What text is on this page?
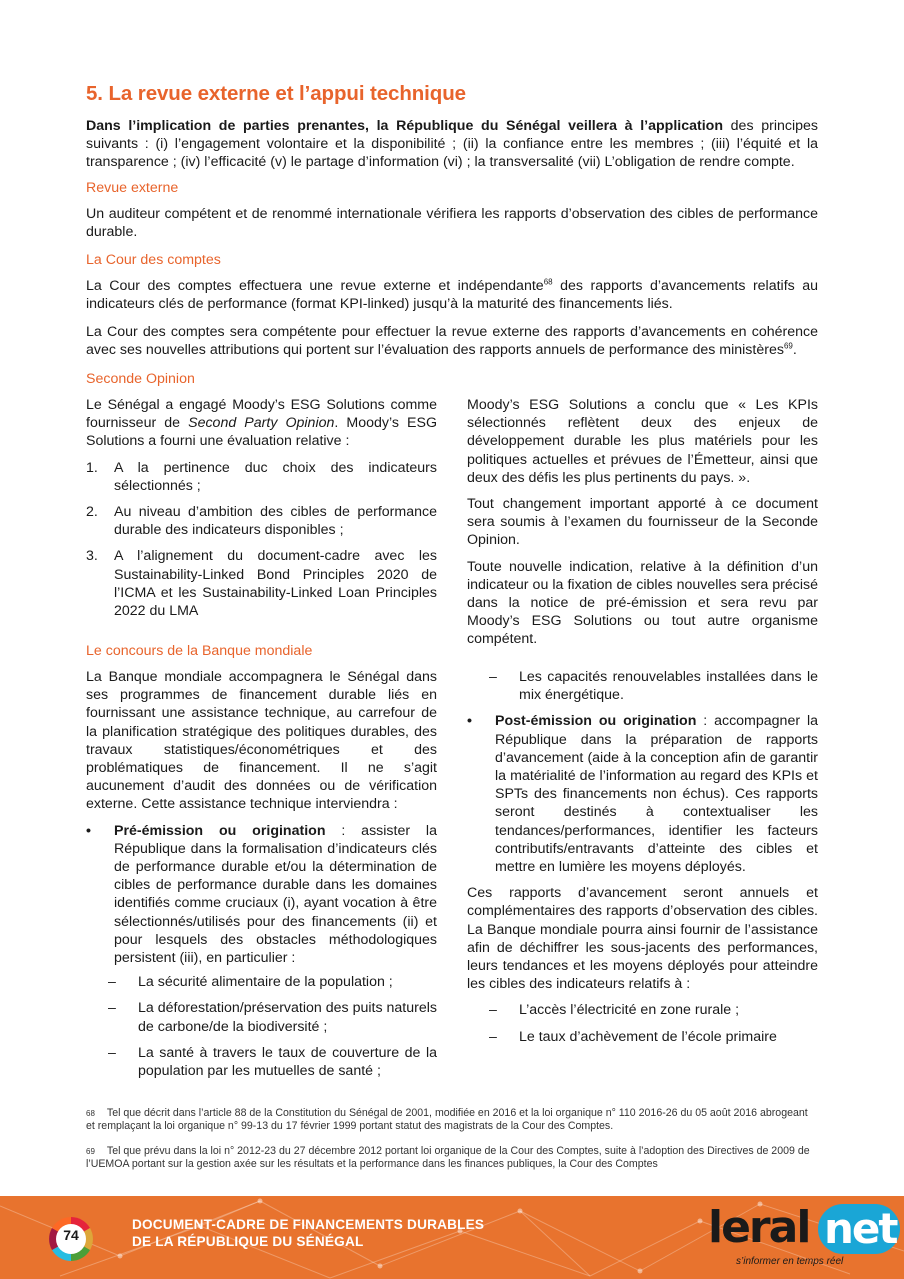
5. La revue externe et l’appui technique

Dans l’implication de parties prenantes, la République du Sénégal veillera à l’application des principes suivants : (i) l’engagement volontaire et la disponibilité ; (ii) la confiance entre les membres ; (iii) l’équité et la transparence ; (iv) l’efficacité (v) le partage d’information (vi) ; la transversalité (vii) L’obligation de rendre compte.

Revue externe

Un auditeur compétent et de renommé internationale vérifiera les rapports d’observation des cibles de performance durable.

La Cour des comptes

La Cour des comptes effectuera une revue externe et indépendante$^{68}$ des rapports d’avancements relatifs au indicateurs clés de performance (format KPI-linked) jusqu’à la maturité des financements liés.

La Cour des comptes sera compétente pour effectuer la revue externe des rapports d’avancements en cohérence avec ses nouvelles attributions qui portent sur l’évaluation des rapports annuels de performance des ministères$^{69}$.

Seconde Opinion

Le Sénégal a engagé Moody’s ESG Solutions comme fournisseur de Second Party Opinion. Moody’s ESG Solutions a fourni une évaluation relative :

1. A la pertinence duc choix des indicateurs sélectionnés ;
2. Au niveau d’ambition des cibles de performance durable des indicateurs disponibles ;
3. A l’alignement du document-cadre avec les Sustainability-Linked Bond Principles 2020 de l’ICMA et les Sustainability-Linked Loan Principles 2022 du LMA

Moody’s ESG Solutions a conclu que « Les KPIs sélectionnés reflètent deux des enjeux de développement durable les plus matériels pour les politiques actuelles et prévues de l’Émetteur, ainsi que deux des défis les plus pertinents du pays. ».

Tout changement important apporté à ce document sera soumis à l’examen du fournisseur de la Seconde Opinion.

Toute nouvelle indication, relative à la définition d’un indicateur ou la fixation de cibles nouvelles sera précisé dans la notice de pré-émission et sera revu par Moody’s ESG Solutions ou tout autre organisme compétent.

Le concours de la Banque mondiale

La Banque mondiale accompagnera le Sénégal dans ses programmes de financement durable liés en fournissant une assistance technique, au carrefour de la planification stratégique des politiques durables, des travaux statistiques/économétriques et des problématiques de financement. Il ne s’agit aucunement d’audit des données ou de vérification externe. Cette assistance technique interviendra :

• Pré-émission ou origination : assister la République dans la formalisation d’indicateurs clés de performance durable et/ou la détermination de cibles de performance durable dans les domaines identifiés comme cruciaux (i), ayant vocation à être sélectionnés/utilisés pour des financements (ii) et pour lesquels des obstacles méthodologiques persistent (iii), en particulier :
– La sécurité alimentaire de la population ;
– La déforestation/préservation des puits naturels de carbone/de la biodiversité ;
– La santé à travers le taux de couverture de la population par les mutuelles de santé ;
– Les capacités renouvelables installées dans le mix énergétique.
• Post-émission ou origination : accompagner la République dans la préparation de rapports d’avancement (aide à la conception afin de garantir la matérialité de l’information au regard des KPIs et SPTs des financements non échus). Ces rapports seront destinés à contextualiser les tendances/performances, identifier les facteurs contributifs/entravants d’atteinte des cibles et mettre en lumière les moyens déployés.

Ces rapports d’avancement seront annuels et complémentaires des rapports d’observation des cibles. La Banque mondiale pourra ainsi fournir de l’assistance afin de déchiffrer les sous-jacents des performances, leurs tendances et les moyens déployés pour atteindre les cibles des indicateurs relatifs à :

– L’accès l’électricité en zone rurale ;
– Le taux d’achèvement de l’école primaire
$^{68}$ Tel que décrit dans l’article 88 de la Constitution du Sénégal de 2001, modifiée en 2016 et la loi organique n° 110 2016-26 du 05 août 2016 abrogeant et remplaçant la loi organique n° 99-13 du 17 février 1999 portant statut des magistrats de la Cour des Comptes.
$^{69}$ Tel que prévu dans la loi n° 2012-23 du 27 décembre 2012 portant loi organique de la Cour des Comptes, suite à l’adoption des Directives de 2009 de l’UEMOA portant sur la gestion axée sur les résultats et la performance dans les finances publiques, la Cour des Comptes
74
DOCUMENT-CADRE DE FINANCEMENTS DURABLES
DE LA RÉPUBLIQUE DU SÉNÉGAL	leral net
s’informer en temps réel
